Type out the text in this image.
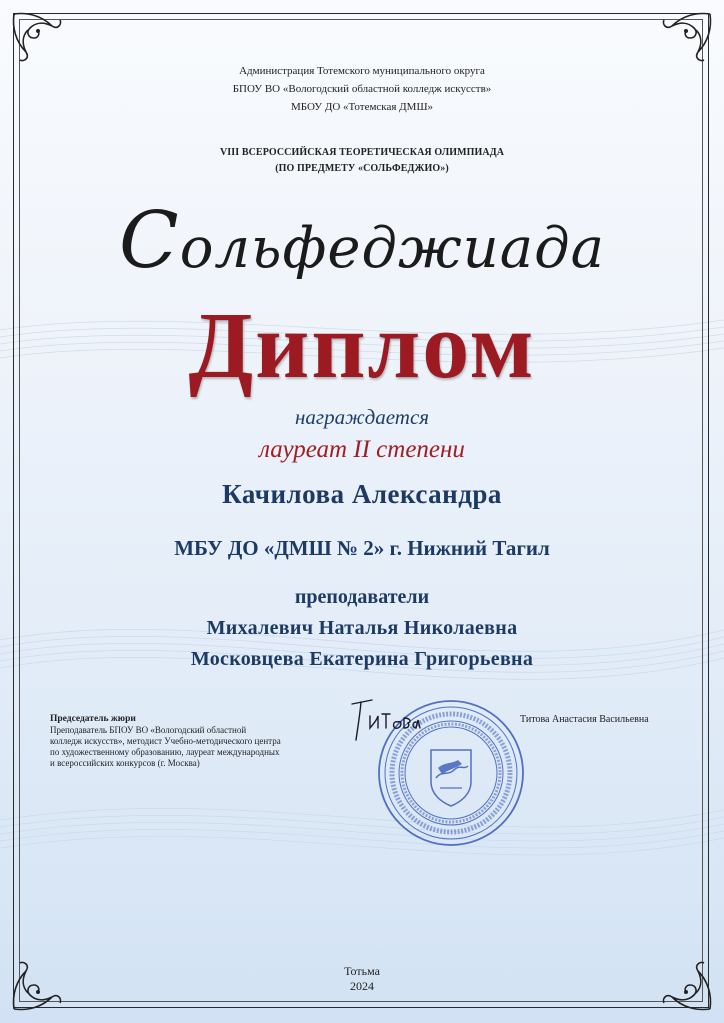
Администрация Тотемского муниципального округа
БПОУ ВО «Вологодский областной колледж искусств»
МБОУ ДО «Тотемская ДМШ»
VIII ВСЕРОССИЙСКАЯ ТЕОРЕТИЧЕСКАЯ ОЛИМПИАДА
(ПО ПРЕДМЕТУ «СОЛЬФЕДЖИО»)
Сольфеджиада
Диплом
награждается
лауреат II степени
Качилова Александра
МБУ ДО «ДМШ № 2» г. Нижний Тагил
преподаватели
Михалевич Наталья Николаевна
Московцева Екатерина Григорьевна
Председатель жюри
Преподаватель БПОУ ВО «Вологодский областной
колледж искусств», методист Учебно-методического центра
по художественному образованию, лауреат международных
и всероссийских конкурсов (г. Москва)
Титова Анастасия Васильевна
Тотьма
2024
